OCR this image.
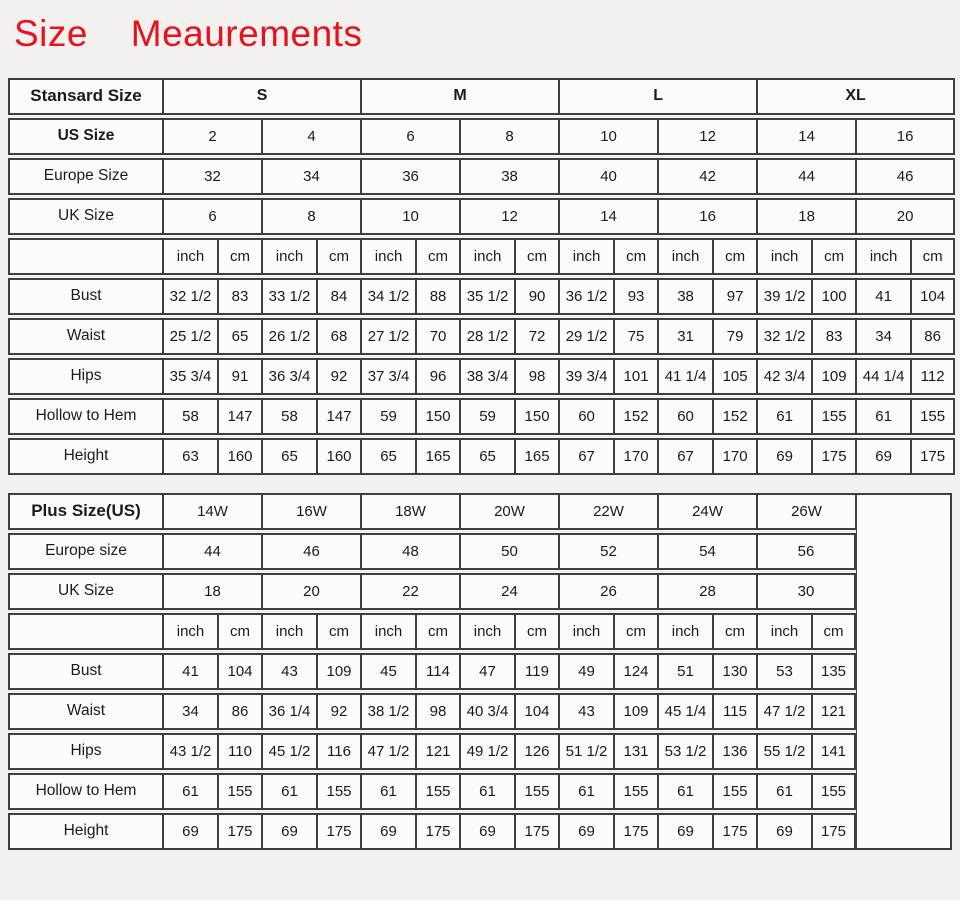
Size Meaurements
Stansard Size	S				M				L				XL			
US Size	2		4		6		8		10		12		14		16	
Europe Size	32		34		36		38		40		42		44		46	
UK Size	6		8		10		12		14		16		18		20	
	inch	cm	inch	cm	inch	cm	inch	cm	inch	cm	inch	cm	inch	cm	inch	cm
Bust	32 1/2	83	33 1/2	84	34 1/2	88	35 1/2	90	36 1/2	93	38	97	39 1/2	100	41	104
Waist	25 1/2	65	26 1/2	68	27 1/2	70	28 1/2	72	29 1/2	75	31	79	32 1/2	83	34	86
Hips	35 3/4	91	36 3/4	92	37 3/4	96	38 3/4	98	39 3/4	101	41 1/4	105	42 3/4	109	44 1/4	112
Hollow to Hem	58	147	58	147	59	150	59	150	60	152	60	152	61	155	61	155
Height	63	160	65	160	65	165	65	165	67	170	67	170	69	175	69	175
Plus Size(US)	14W		16W		18W		20W		22W		24W		26W		
Europe size	44		46		48		50		52		54		56		
UK Size	18		20		22		24		26		28		30		
	inch	cm	inch	cm	inch	cm	inch	cm	inch	cm	inch	cm	inch	cm	
Bust	41	104	43	109	45	114	47	119	49	124	51	130	53	135	
Waist	34	86	36 1/4	92	38 1/2	98	40 3/4	104	43	109	45 1/4	115	47 1/2	121	
Hips	43 1/2	110	45 1/2	116	47 1/2	121	49 1/2	126	51 1/2	131	53 1/2	136	55 1/2	141	
Hollow to Hem	61	155	61	155	61	155	61	155	61	155	61	155	61	155	
Height	69	175	69	175	69	175	69	175	69	175	69	175	69	175	
